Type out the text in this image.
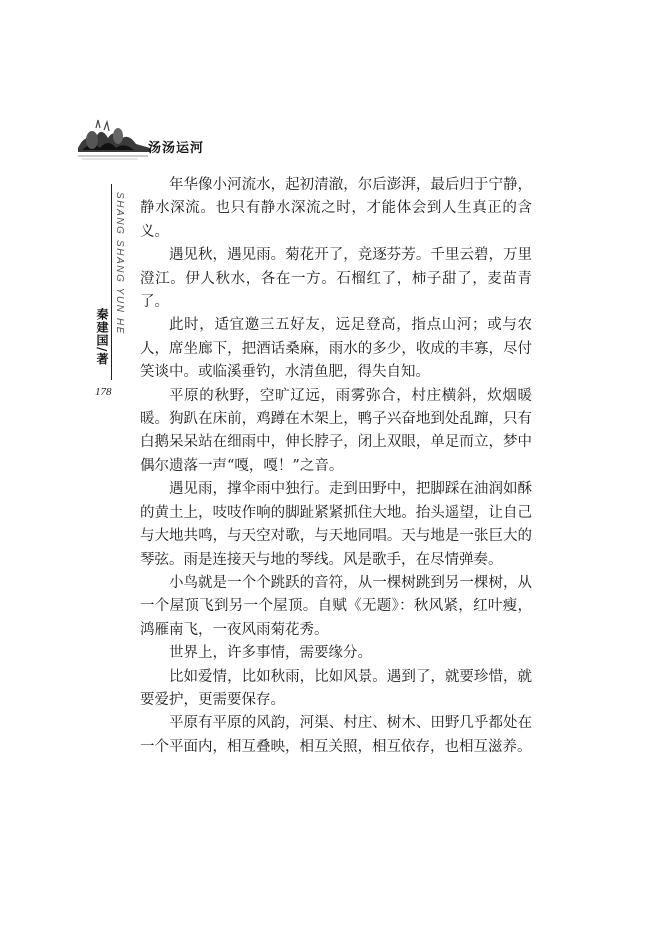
汤汤运河
SHANG SHANG YUN HE
秦建国/著
178

年华像小河流水，起初清澈，尔后澎湃，最后归于宁静，静水深流。也只有静水深流之时，才能体会到人生真正的含义。

遇见秋，遇见雨。菊花开了，竞逐芬芳。千里云碧，万里澄江。伊人秋水，各在一方。石榴红了，柿子甜了，麦苗青了。

此时，适宜邀三五好友，远足登高，指点山河；或与农人，席坐廊下，把酒话桑麻，雨水的多少，收成的丰寡，尽付笑谈中。或临溪垂钓，水清鱼肥，得失自知。

平原的秋野，空旷辽远，雨雾弥合，村庄横斜，炊烟暖暖。狗趴在床前，鸡蹲在木架上，鸭子兴奋地到处乱蹿，只有白鹅呆呆站在细雨中，伸长脖子，闭上双眼，单足而立，梦中偶尔遗落一声“嘎，嘎！”之音。

遇见雨，撑伞雨中独行。走到田野中，把脚踩在油润如酥的黄土上，吱吱作响的脚趾紧紧抓住大地。抬头遥望，让自己与大地共鸣，与天空对歌，与天地同唱。天与地是一张巨大的琴弦。雨是连接天与地的琴线。风是歌手，在尽情弹奏。

小鸟就是一个个跳跃的音符，从一棵树跳到另一棵树，从一个屋顶飞到另一个屋顶。自赋《无题》：秋风紧，红叶瘦，鸿雁南飞，一夜风雨菊花秀。

世界上，许多事情，需要缘分。

比如爱情，比如秋雨，比如风景。遇到了，就要珍惜，就要爱护，更需要保存。

平原有平原的风韵，河渠、村庄、树木、田野几乎都处在一个平面内，相互叠映，相互关照，相互依存，也相互滋养。
